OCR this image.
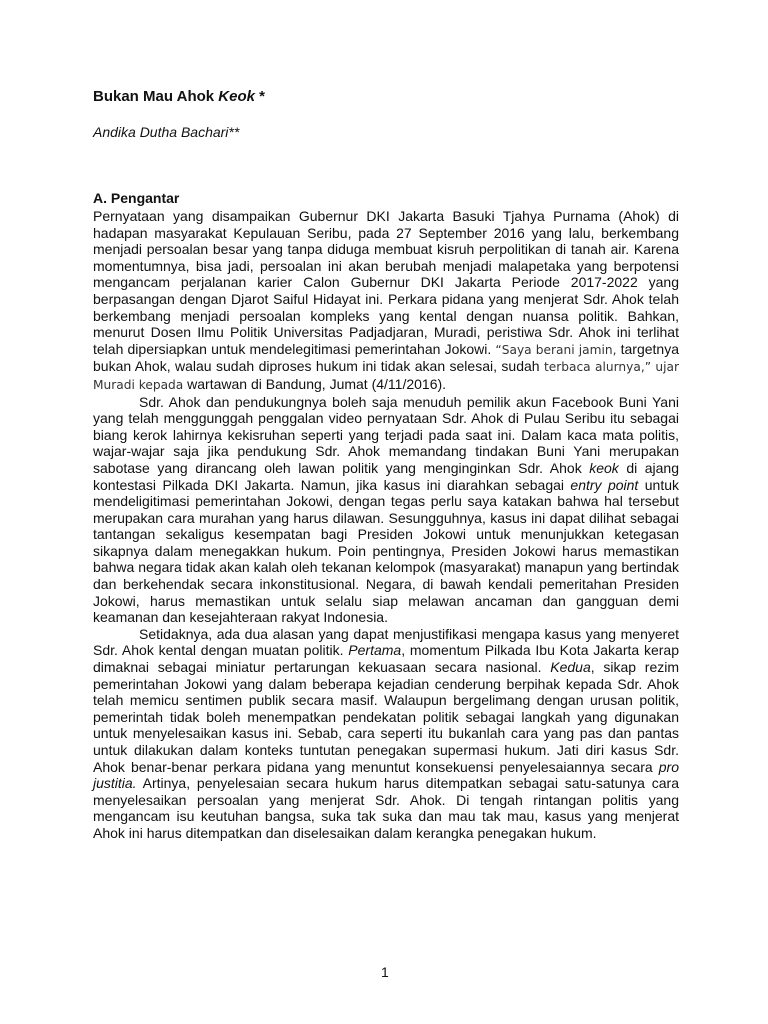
Bukan Mau Ahok Keok *
Andika Dutha Bachari**
A. Pengantar

Pernyataan yang disampaikan Gubernur DKI Jakarta Basuki Tjahya Purnama (Ahok) di hadapan masyarakat Kepulauan Seribu, pada 27 September 2016 yang lalu, berkembang menjadi persoalan besar yang tanpa diduga membuat kisruh perpolitikan di tanah air. Karena momentumnya, bisa jadi, persoalan ini akan berubah menjadi malapetaka yang berpotensi mengancam perjalanan karier Calon Gubernur DKI Jakarta Periode 2017-2022 yang berpasangan dengan Djarot Saiful Hidayat ini. Perkara pidana yang menjerat Sdr. Ahok telah berkembang menjadi persoalan kompleks yang kental dengan nuansa politik. Bahkan, menurut Dosen Ilmu Politik Universitas Padjadjaran, Muradi, peristiwa Sdr. Ahok ini terlihat telah dipersiapkan untuk mendelegitimasi pemerintahan Jokowi. “Saya berani jamin, targetnya bukan Ahok, walau sudah diproses hukum ini tidak akan selesai, sudah terbaca alurnya,” ujar Muradi kepada wartawan di Bandung, Jumat (4/11/2016).

Sdr. Ahok dan pendukungnya boleh saja menuduh pemilik akun Facebook Buni Yani yang telah menggunggah penggalan video pernyataan Sdr. Ahok di Pulau Seribu itu sebagai biang kerok lahirnya kekisruhan seperti yang terjadi pada saat ini. Dalam kaca mata politis, wajar-wajar saja jika pendukung Sdr. Ahok memandang tindakan Buni Yani merupakan sabotase yang dirancang oleh lawan politik yang menginginkan Sdr. Ahok keok di ajang kontestasi Pilkada DKI Jakarta. Namun, jika kasus ini diarahkan sebagai entry point untuk mendeligitimasi pemerintahan Jokowi, dengan tegas perlu saya katakan bahwa hal tersebut merupakan cara murahan yang harus dilawan. Sesungguhnya, kasus ini dapat dilihat sebagai tantangan sekaligus kesempatan bagi Presiden Jokowi untuk menunjukkan ketegasan sikapnya dalam menegakkan hukum. Poin pentingnya, Presiden Jokowi harus memastikan bahwa negara tidak akan kalah oleh tekanan kelompok (masyarakat) manapun yang bertindak dan berkehendak secara inkonstitusional. Negara, di bawah kendali pemeritahan Presiden Jokowi, harus memastikan untuk selalu siap melawan ancaman dan gangguan demi keamanan dan kesejahteraan rakyat Indonesia.

Setidaknya, ada dua alasan yang dapat menjustifikasi mengapa kasus yang menyeret Sdr. Ahok kental dengan muatan politik. Pertama, momentum Pilkada Ibu Kota Jakarta kerap dimaknai sebagai miniatur pertarungan kekuasaan secara nasional. Kedua, sikap rezim pemerintahan Jokowi yang dalam beberapa kejadian cenderung berpihak kepada Sdr. Ahok telah memicu sentimen publik secara masif. Walaupun bergelimang dengan urusan politik, pemerintah tidak boleh menempatkan pendekatan politik sebagai langkah yang digunakan untuk menyelesaikan kasus ini. Sebab, cara seperti itu bukanlah cara yang pas dan pantas untuk dilakukan dalam konteks tuntutan penegakan supermasi hukum. Jati diri kasus Sdr. Ahok benar-benar perkara pidana yang menuntut konsekuensi penyelesaiannya secara pro justitia. Artinya, penyelesaian secara hukum harus ditempatkan sebagai satu-satunya cara menyelesaikan persoalan yang menjerat Sdr. Ahok. Di tengah rintangan politis yang mengancam isu keutuhan bangsa, suka tak suka dan mau tak mau, kasus yang menjerat Ahok ini harus ditempatkan dan diselesaikan dalam kerangka penegakan hukum.

1
